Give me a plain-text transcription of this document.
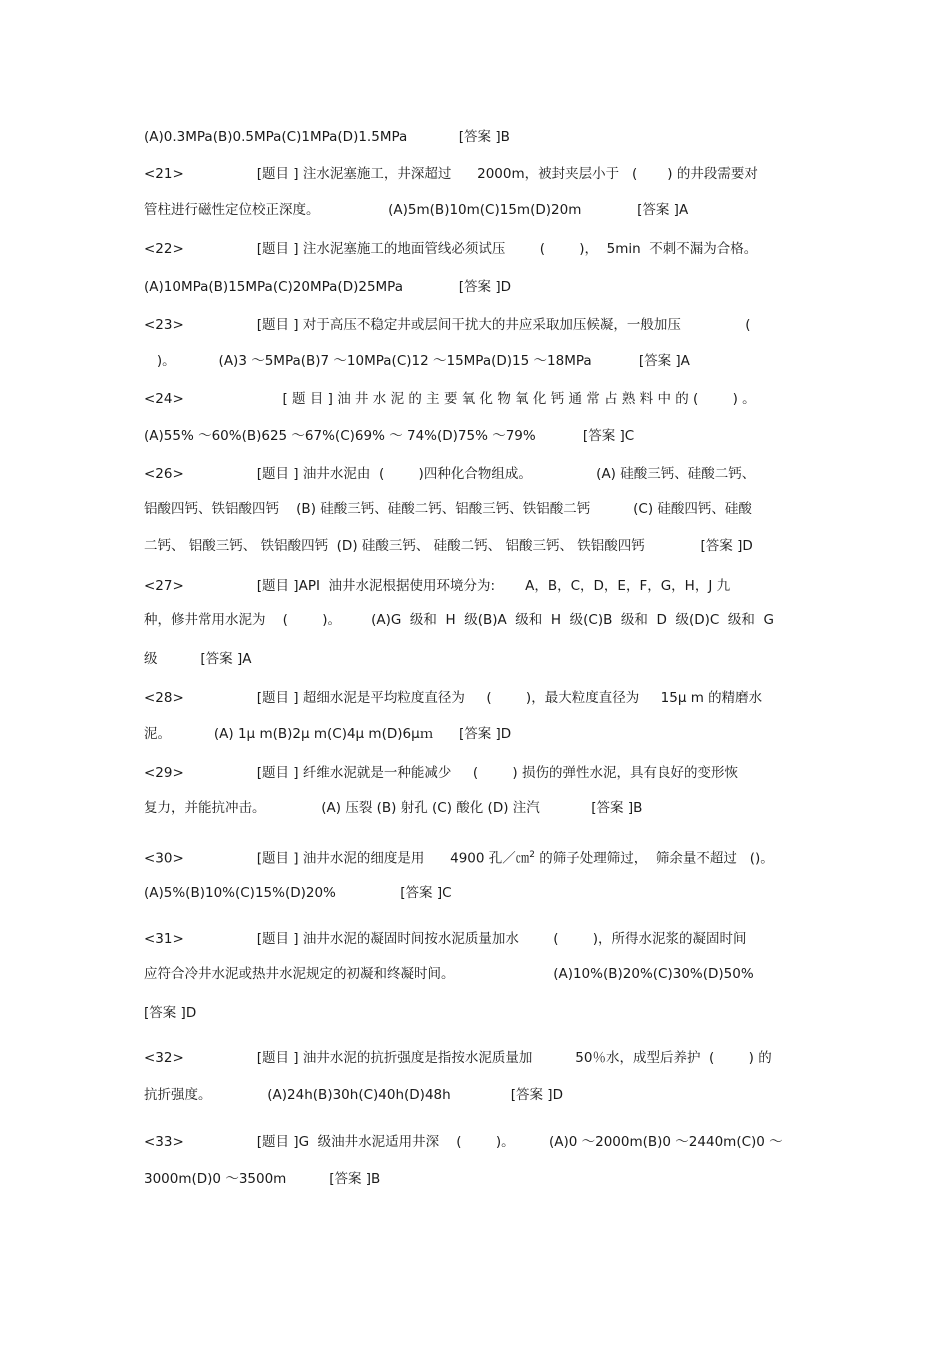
(A)0.3MPa(B)0.5MPa(C)1MPa(D)1.5MPa            [答案 ]B
<21>                 [题目 ] 注水泥塞施工，井深超过      2000m，被封夹层小于   (       ) 的井段需要对
管柱进行磁性定位校正深度。                (A)5m(B)10m(C)15m(D)20m             [答案 ]A
<22>                 [题目 ] 注水泥塞施工的地面管线必须试压        (        )，  5min  不刺不漏为合格。
(A)10MPa(B)15MPa(C)20MPa(D)25MPa             [答案 ]D
<23>                 [题目 ] 对于高压不稳定井或层间干扰大的井应采取加压候凝，一般加压               (
)。          (A)3 ～5MPa(B)7 ～10MPa(C)12 ～15MPa(D)15 ～18MPa           [答案 ]A
<24>                       [ 题 目 ] 油 井 水 泥 的 主 要 氧 化 物 氧 化 钙 通 常 占 熟 料 中 的 (        ) 。
(A)55% ～60%(B)625 ～67%(C)69% ～ 74%(D)75% ～79%           [答案 ]C
<26>                 [题目 ] 油井水泥由  (        )四种化合物组成。               (A) 硅酸三钙、硅酸二钙、
铝酸四钙、铁铝酸四钙    (B) 硅酸三钙、硅酸二钙、铝酸三钙、铁铝酸二钙          (C) 硅酸四钙、硅酸
二钙、 铝酸三钙、 铁铝酸四钙  (D) 硅酸三钙、 硅酸二钙、 铝酸三钙、 铁铝酸四钙             [答案 ]D
<27>                 [题目 ]API  油井水泥根据使用环境分为:       A，B，C，D，E，F，G，H，J 九
种，修井常用水泥为    (        )。       (A)G  级和  H  级(B)A  级和  H  级(C)B  级和  D  级(D)C  级和  G
级          [答案 ]A
<28>                 [题目 ] 超细水泥是平均粒度直径为     (        )，最大粒度直径为     15μ m 的精磨水
泥。          (A) 1μ m(B)2μ m(C)4μ m(D)6μｍ      [答案 ]D
<29>                 [题目 ] 纤维水泥就是一种能减少     (        ) 损伤的弹性水泥，具有良好的变形恢
复力，并能抗冲击。             (A) 压裂 (B) 射孔 (C) 酸化 (D) 注汽            [答案 ]B
<30>                 [题目 ] 油井水泥的细度是用      4900 孔／㎝$^2$ 的筛子处理筛过，  筛余量不超过   ()。
(A)5%(B)10%(C)15%(D)20%               [答案 ]C
<31>                 [题目 ] 油井水泥的凝固时间按水泥质量加水        (        )，所得水泥浆的凝固时间
应符合冷井水泥或热井水泥规定的初凝和终凝时间。                       (A)10%(B)20%(C)30%(D)50%
[答案 ]D
<32>                 [题目 ] 油井水泥的抗折强度是指按水泥质量加          50％水，成型后养护  (        ) 的
抗折强度。             (A)24h(B)30h(C)40h(D)48h              [答案 ]D
<33>                 [题目 ]G  级油井水泥适用井深    (        )。        (A)0 ～2000m(B)0 ～2440m(C)0 ～
3000m(D)0 ～3500m          [答案 ]B
